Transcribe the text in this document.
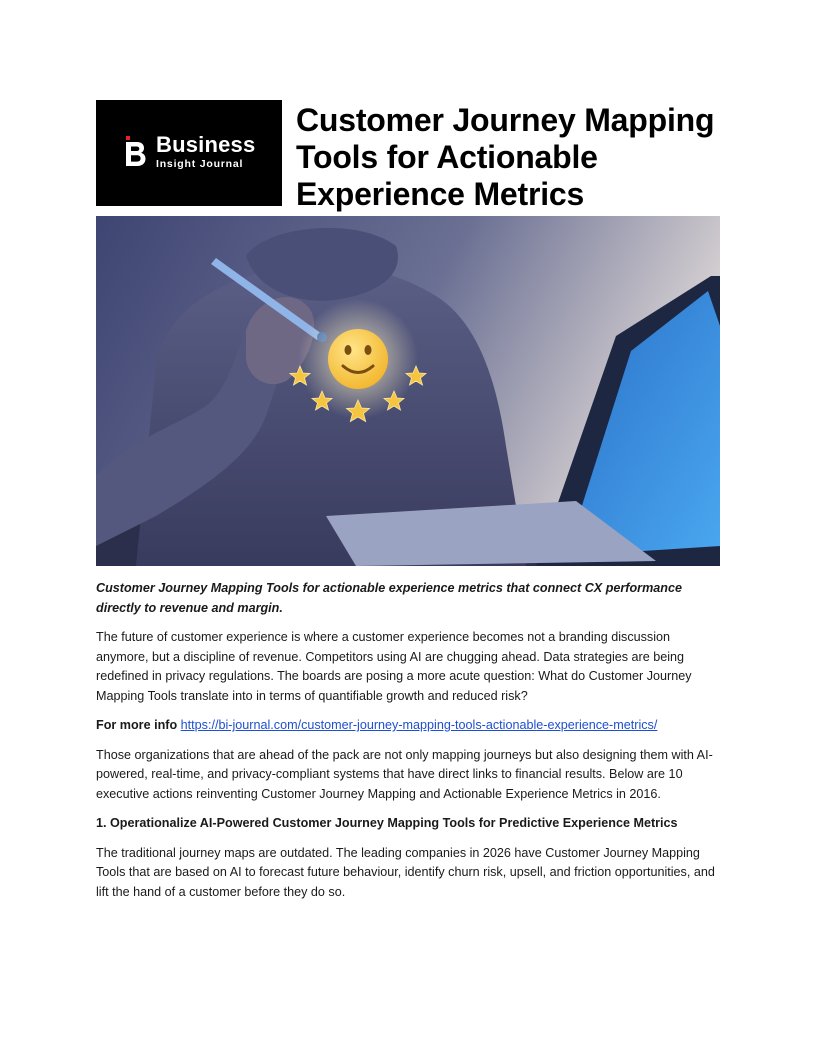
Business
Insight Journal
Customer Journey Mapping Tools for Actionable Experience Metrics

Customer Journey Mapping Tools for actionable experience metrics that connect CX performance directly to revenue and margin.

The future of customer experience is where a customer experience becomes not a branding discussion anymore, but a discipline of revenue. Competitors using AI are chugging ahead. Data strategies are being redefined in privacy regulations. The boards are posing a more acute question: What do Customer Journey Mapping Tools translate into in terms of quantifiable growth and reduced risk?

For more info https://bi-journal.com/customer-journey-mapping-tools-actionable-experience-metrics/

Those organizations that are ahead of the pack are not only mapping journeys but also designing them with AI-powered, real-time, and privacy-compliant systems that have direct links to financial results. Below are 10 executive actions reinventing Customer Journey Mapping and Actionable Experience Metrics in 2016.

1. Operationalize AI-Powered Customer Journey Mapping Tools for Predictive Experience Metrics

The traditional journey maps are outdated. The leading companies in 2026 have Customer Journey Mapping Tools that are based on AI to forecast future behaviour, identify churn risk, upsell, and friction opportunities, and lift the hand of a customer before they do so.
